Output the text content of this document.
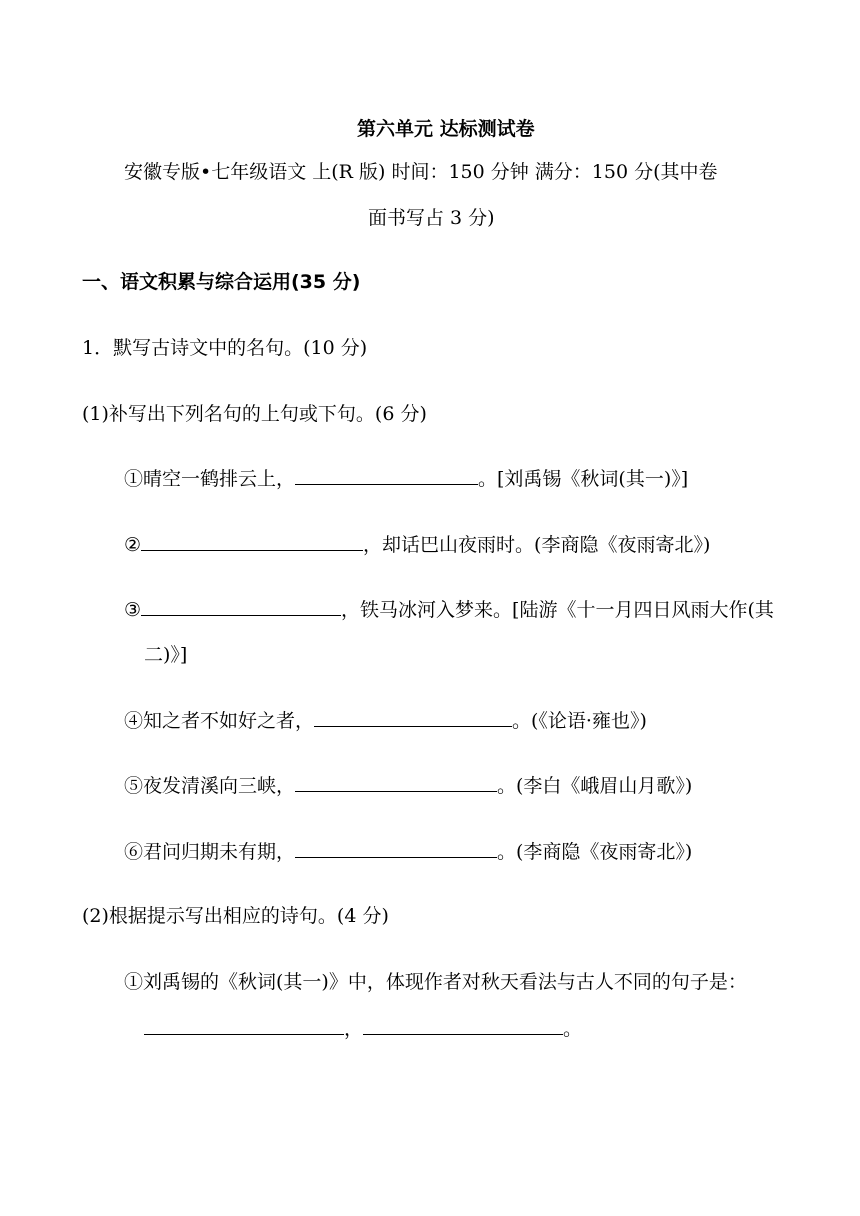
第六单元 达标测试卷
安徽专版•七年级语文 上(R 版) 时间：150 分钟 满分：150 分(其中卷
面书写占 3 分)
一、语文积累与综合运用(35 分)
1．默写古诗文中的名句。(10 分)
(1)补写出下列名句的上句或下句。(6 分)
①晴空一鹤排云上，	。[刘禹锡《秋词(其一)》]
②	，却话巴山夜雨时。(李商隐《夜雨寄北》)
③	，铁马冰河入梦来。[陆游《十一月四日风雨大作(其
二)》]
④知之者不如好之者，	。(《论语·雍也》)
⑤夜发清溪向三峡，	。(李白《峨眉山月歌》)
⑥君问归期未有期，	。(李商隐《夜雨寄北》)
(2)根据提示写出相应的诗句。(4 分)
①刘禹锡的《秋词(其一)》中，体现作者对秋天看法与古人不同的句子是：
，	。
